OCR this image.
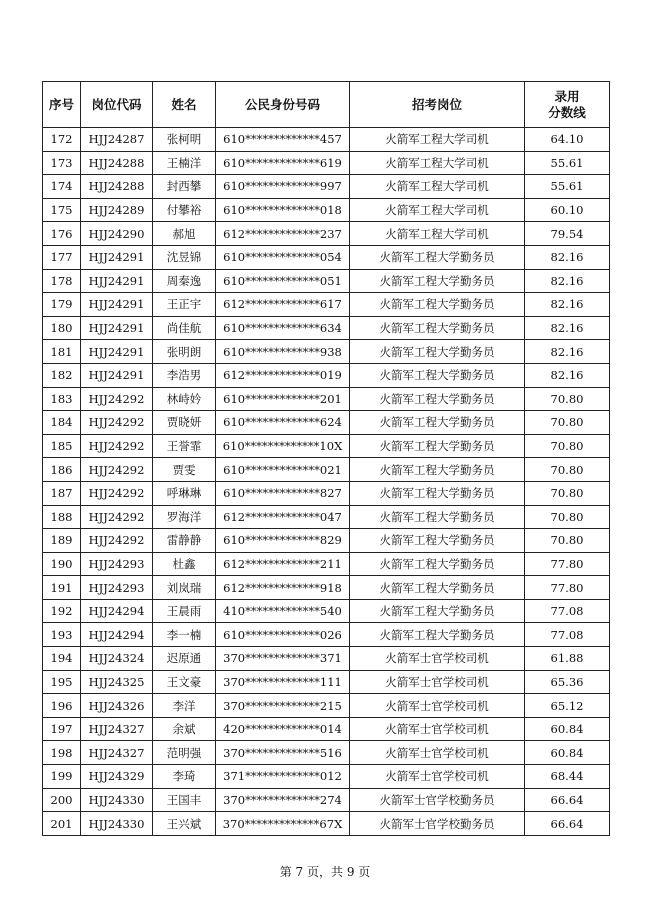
序号	岗位代码	姓名	公民身份号码	招考岗位	录用
分数线

172	HJJ24287	张柯明	610*************457	火箭军工程大学司机	64.10
173	HJJ24288	王楠洋	610*************619	火箭军工程大学司机	55.61
174	HJJ24288	封西攀	610*************997	火箭军工程大学司机	55.61
175	HJJ24289	付攀裕	610*************018	火箭军工程大学司机	60.10
176	HJJ24290	郝旭	612*************237	火箭军工程大学司机	79.54
177	HJJ24291	沈昱锦	610*************054	火箭军工程大学勤务员	82.16
178	HJJ24291	周秦逸	610*************051	火箭军工程大学勤务员	82.16
179	HJJ24291	王正宇	612*************617	火箭军工程大学勤务员	82.16
180	HJJ24291	尚佳航	610*************634	火箭军工程大学勤务员	82.16
181	HJJ24291	张明朗	610*************938	火箭军工程大学勤务员	82.16
182	HJJ24291	李浩男	612*************019	火箭军工程大学勤务员	82.16
183	HJJ24292	林峙妗	610*************201	火箭军工程大学勤务员	70.80
184	HJJ24292	贾晓妍	610*************624	火箭军工程大学勤务员	70.80
185	HJJ24292	王誉霏	610*************10X	火箭军工程大学勤务员	70.80
186	HJJ24292	贾雯	610*************021	火箭军工程大学勤务员	70.80
187	HJJ24292	呼琳琳	610*************827	火箭军工程大学勤务员	70.80
188	HJJ24292	罗海洋	612*************047	火箭军工程大学勤务员	70.80
189	HJJ24292	雷静静	610*************829	火箭军工程大学勤务员	70.80
190	HJJ24293	杜鑫	612*************211	火箭军工程大学勤务员	77.80
191	HJJ24293	刘岚瑞	612*************918	火箭军工程大学勤务员	77.80
192	HJJ24294	王晨雨	410*************540	火箭军工程大学勤务员	77.08
193	HJJ24294	李一楠	610*************026	火箭军工程大学勤务员	77.08
194	HJJ24324	迟原通	370*************371	火箭军士官学校司机	61.88
195	HJJ24325	王文豪	370*************111	火箭军士官学校司机	65.36
196	HJJ24326	李洋	370*************215	火箭军士官学校司机	65.12
197	HJJ24327	余斌	420*************014	火箭军士官学校司机	60.84
198	HJJ24327	范明强	370*************516	火箭军士官学校司机	60.84
199	HJJ24329	李琦	371*************012	火箭军士官学校司机	68.44
200	HJJ24330	王国丰	370*************274	火箭军士官学校勤务员	66.64
201	HJJ24330	王兴斌	370*************67X	火箭军士官学校勤务员	66.64
第 7 页，共 9 页
